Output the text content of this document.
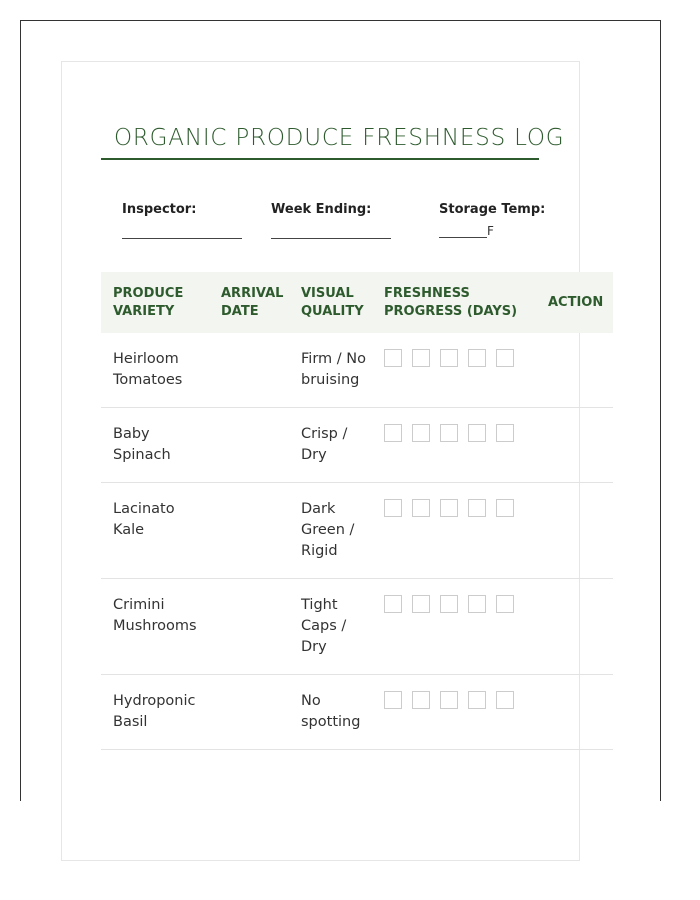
ORGANIC PRODUCE FRESHNESS LOG
Inspector:	Week Ending:	Storage Temp:
F
PRODUCE VARIETY	ARRIVAL DATE	VISUAL QUALITY	FRESHNESS PROGRESS (DAYS)	ACTION
Heirloom Tomatoes		Firm / No bruising	

Baby Spinach		Crisp / Dry	

Lacinato Kale		Dark Green / Rigid	

Crimini Mushrooms		Tight Caps / Dry	

Hydroponic Basil		No spotting	
